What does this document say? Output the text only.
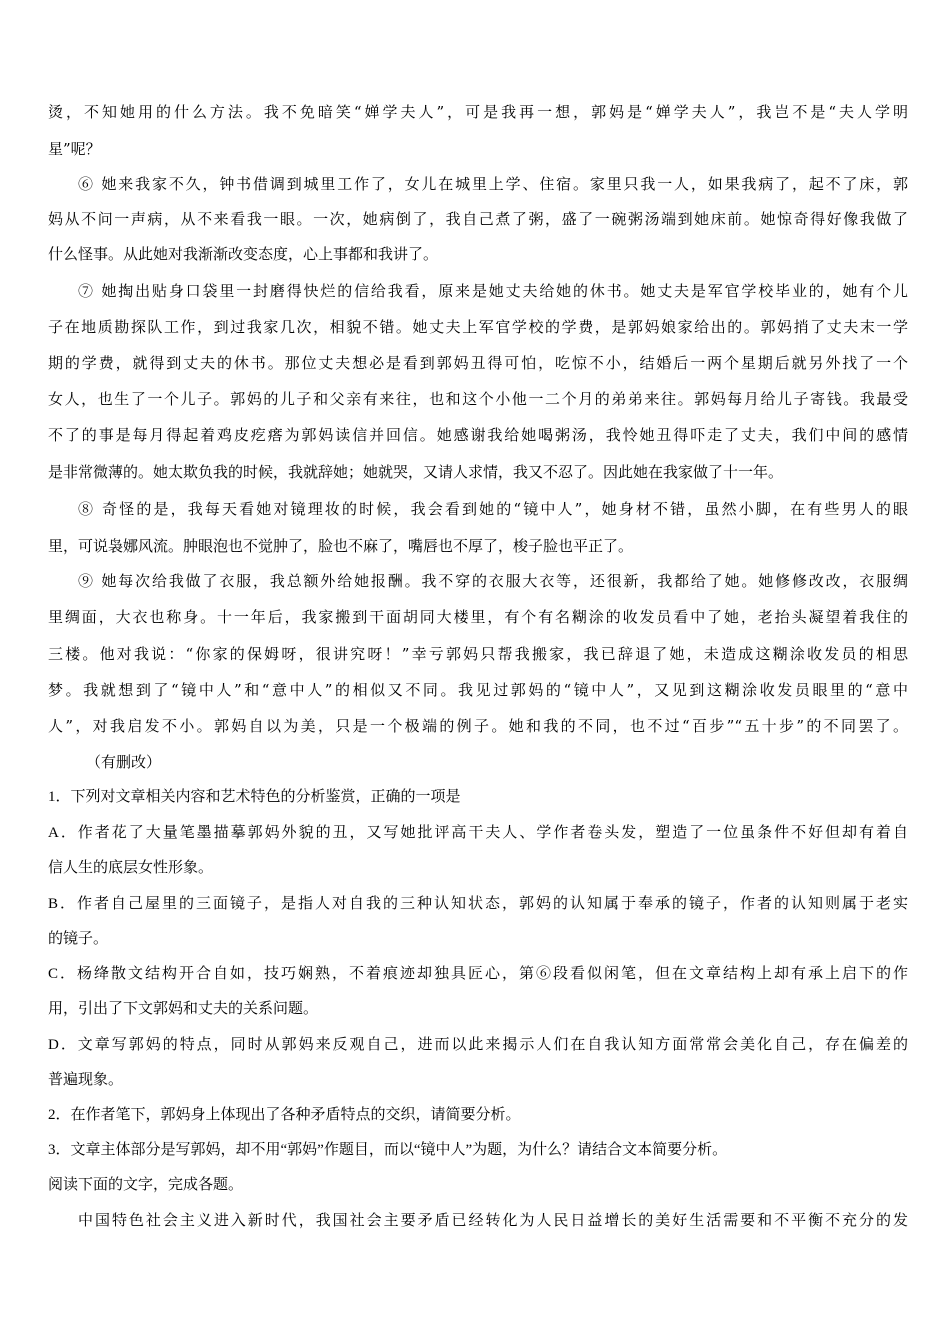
烫，不知她用的什么方法。我不免暗笑“婵学夫人”，可是我再一想，郭妈是“婵学夫人”，我岂不是“夫人学明
星”呢？
⑥ 她来我家不久，钟书借调到城里工作了，女儿在城里上学、住宿。家里只我一人，如果我病了，起不了床，郭
妈从不问一声病，从不来看我一眼。一次，她病倒了，我自己煮了粥，盛了一碗粥汤端到她床前。她惊奇得好像我做了
什么怪事。从此她对我渐渐改变态度，心上事都和我讲了。
⑦ 她掏出贴身口袋里一封磨得快烂的信给我看，原来是她丈夫给她的休书。她丈夫是军官学校毕业的，她有个儿
子在地质勘探队工作，到过我家几次，相貌不错。她丈夫上军官学校的学费，是郭妈娘家给出的。郭妈捎了丈夫末一学
期的学费，就得到丈夫的休书。那位丈夫想必是看到郭妈丑得可怕，吃惊不小，结婚后一两个星期后就另外找了一个
女人，也生了一个儿子。郭妈的儿子和父亲有来往，也和这个小他一二个月的弟弟来往。郭妈每月给儿子寄钱。我最受
不了的事是每月得起着鸡皮疙瘩为郭妈读信并回信。她感谢我给她喝粥汤，我怜她丑得吓走了丈夫，我们中间的感情
是非常微薄的。她太欺负我的时候，我就辞她；她就哭，又请人求情，我又不忍了。因此她在我家做了十一年。
⑧ 奇怪的是，我每天看她对镜理妆的时候，我会看到她的“镜中人”，她身材不错，虽然小脚，在有些男人的眼
里，可说袅娜风流。肿眼泡也不觉肿了，脸也不麻了，嘴唇也不厚了，梭子脸也平正了。
⑨ 她每次给我做了衣服，我总额外给她报酬。我不穿的衣服大衣等，还很新，我都给了她。她修修改改，衣服绸
里绸面，大衣也称身。十一年后，我家搬到干面胡同大楼里，有个有名糊涂的收发员看中了她，老抬头凝望着我住的
三楼。他对我说：“你家的保姆呀，很讲究呀！”幸亏郭妈只帮我搬家，我已辞退了她，未造成这糊涂收发员的相思
梦。我就想到了“镜中人”和“意中人”的相似又不同。我见过郭妈的“镜中人”，又见到这糊涂收发员眼里的“意中
人”，对我启发不小。郭妈自以为美，只是一个极端的例子。她和我的不同，也不过“百步”“五十步”的不同罢了。
（有删改）
1．下列对文章相关内容和艺术特色的分析鉴赏，正确的一项是
A．作者花了大量笔墨描摹郭妈外貌的丑，又写她批评高干夫人、学作者卷头发，塑造了一位虽条件不好但却有着自
信人生的底层女性形象。
B．作者自己屋里的三面镜子，是指人对自我的三种认知状态，郭妈的认知属于奉承的镜子，作者的认知则属于老实
的镜子。
C．杨绛散文结构开合自如，技巧娴熟，不着痕迹却独具匠心，第⑥段看似闲笔，但在文章结构上却有承上启下的作
用，引出了下文郭妈和丈夫的关系问题。
D．文章写郭妈的特点，同时从郭妈来反观自己，进而以此来揭示人们在自我认知方面常常会美化自己，存在偏差的
普遍现象。
2．在作者笔下，郭妈身上体现出了各种矛盾特点的交织，请简要分析。
3．文章主体部分是写郭妈，却不用“郭妈”作题目，而以“镜中人”为题，为什么？请结合文本简要分析。
阅读下面的文字，完成各题。
中国特色社会主义进入新时代，我国社会主要矛盾已经转化为人民日益增长的美好生活需要和不平衡不充分的发
